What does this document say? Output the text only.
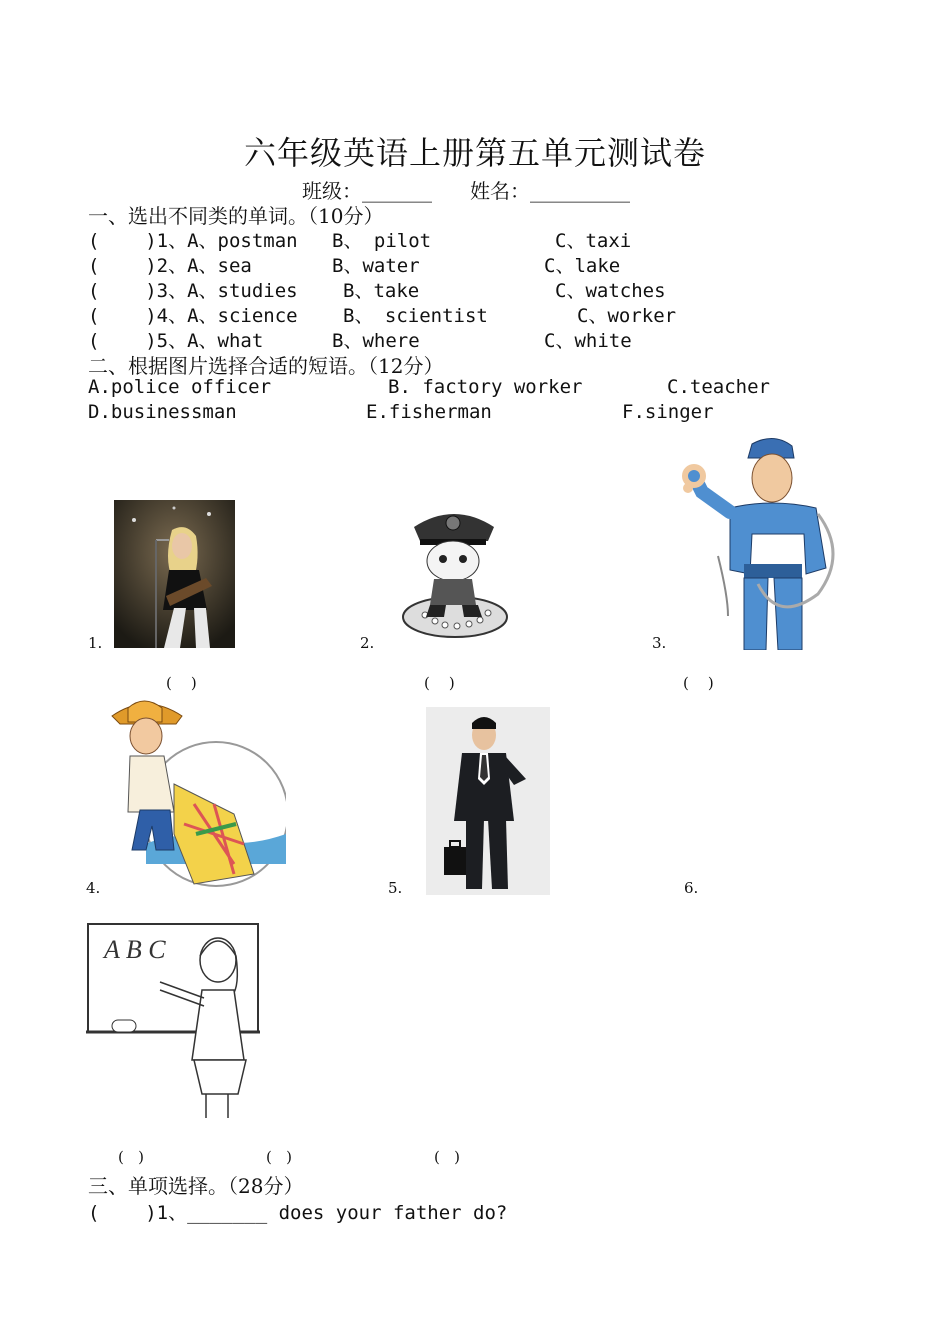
六年级英语上册第五单元测试卷
班级：_______ 姓名：__________
一、选出不同类的单词。（10分）
(    )1、A、postman B、 pilot	C、taxi
(    )2、A、sea	B、water	C、lake
(    )3、A、studies B、take	C、watches
(    )4、A、science B、 scientist	C、worker
(    )5、A、what	B、where	C、white
二、根据图片选择合适的短语。（12分）
A.police officer	B. factory worker	C.teacher
D.businessman	E.fisherman	F.singer
1.	2.	3.
(    )	(    )	(    )
4.	5.	6.
A B C
(   )	(   )	(   )
三、单项选择。（28分）
(    )1、_______ does your father do?
